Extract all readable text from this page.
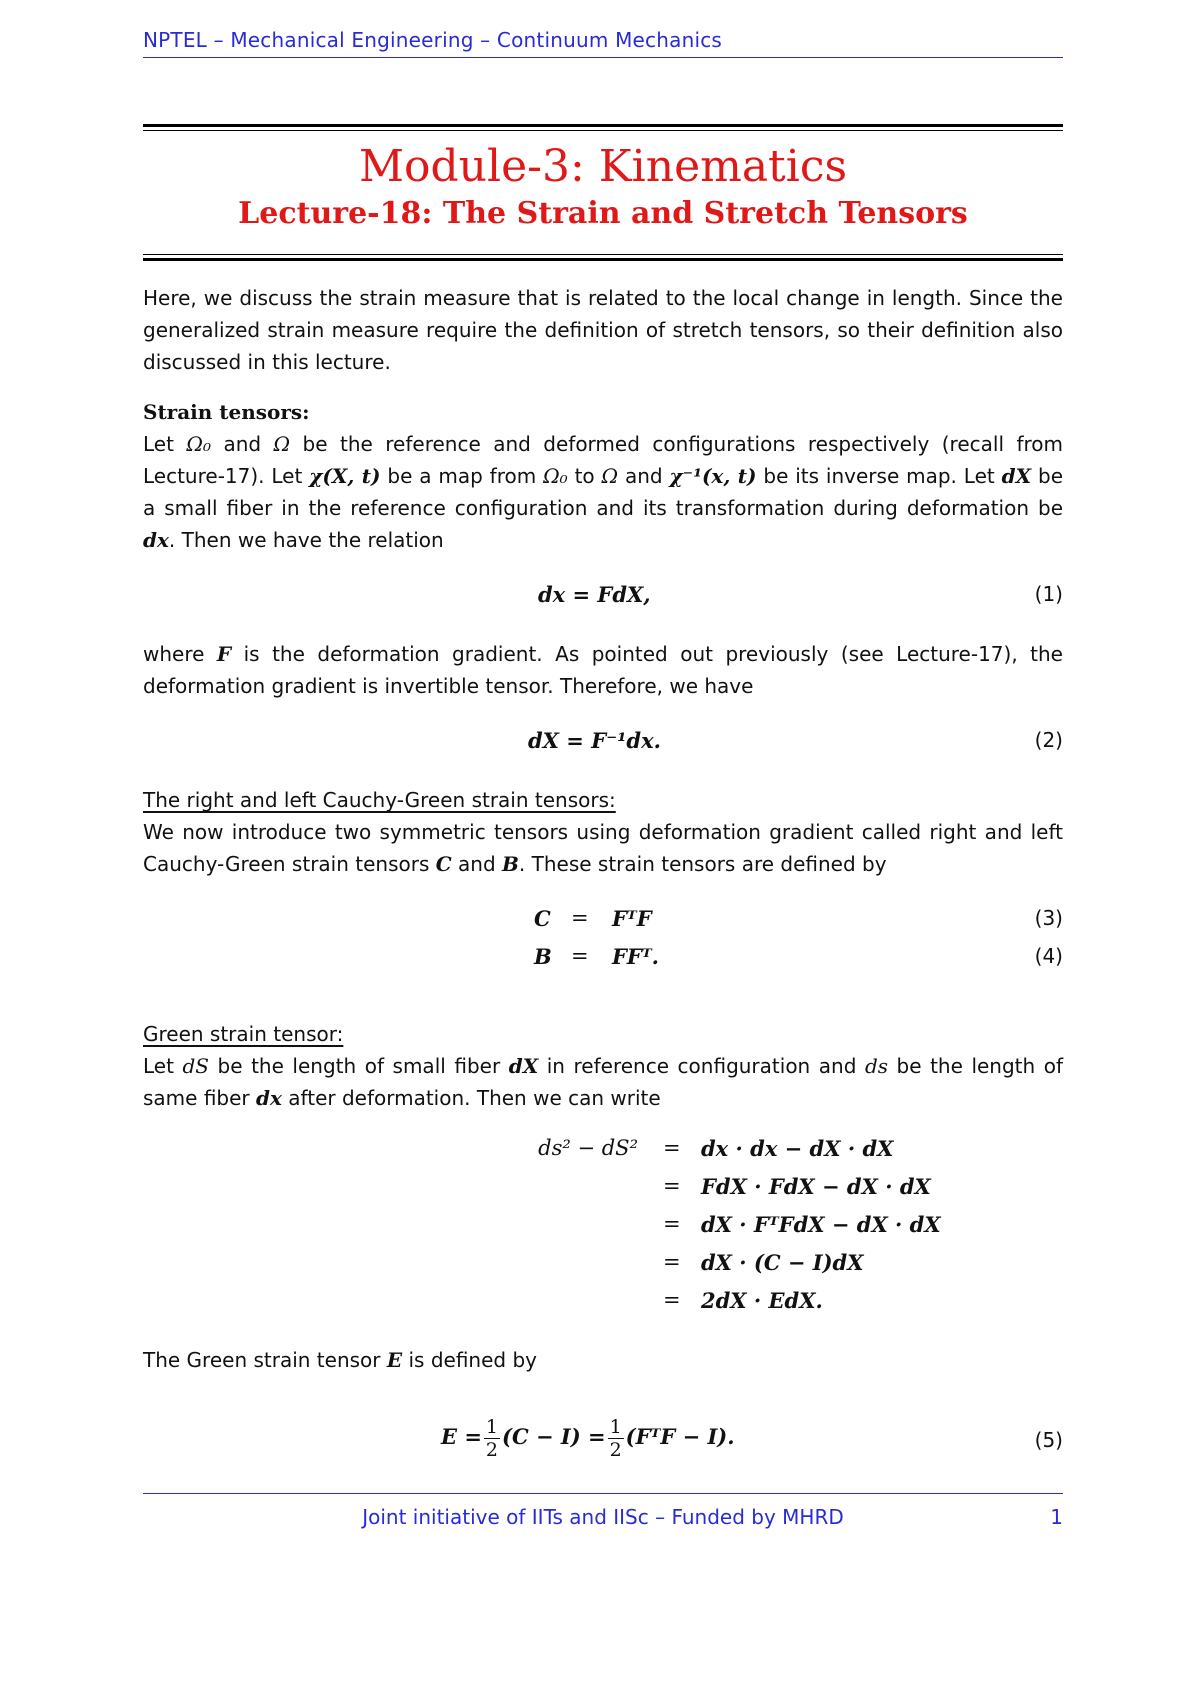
NPTEL – Mechanical Engineering – Continuum Mechanics
Module-3: Kinematics
Lecture-18: The Strain and Stretch Tensors
Here, we discuss the strain measure that is related to the local change in length. Since the generalized strain measure require the definition of stretch tensors, so their definition also discussed in this lecture.
Strain tensors:
Let Ω₀ and Ω be the reference and deformed configurations respectively (recall from Lecture-17). Let χ(X, t) be a map from Ω₀ to Ω and χ⁻¹(x, t) be its inverse map. Let dX be a small fiber in the reference configuration and its transformation during deformation be dx. Then we have the relation
dx = FdX,	(1)
where F is the deformation gradient. As pointed out previously (see Lecture-17), the deformation gradient is invertible tensor. Therefore, we have
dX = F⁻¹dx.	(2)
The right and left Cauchy-Green strain tensors:
We now introduce two symmetric tensors using deformation gradient called right and left Cauchy-Green strain tensors C and B. These strain tensors are defined by
C = FᵀF	(3)
B = FFᵀ.	(4)
Green strain tensor:
Let dS be the length of small fiber dX in reference configuration and ds be the length of same fiber dx after deformation. Then we can write
ds² − dS² = dx · dx − dX · dX
= FdX · FdX − dX · dX
= dX · FᵀFdX − dX · dX
= dX · (C − I)dX
= 2dX · EdX.
The Green strain tensor E is defined by
$E = \frac{1}{2} (C - I) = \frac{1}{2}$ (FᵀF − I).	(5)
Joint initiative of IITs and IISc – Funded by MHRD	1
